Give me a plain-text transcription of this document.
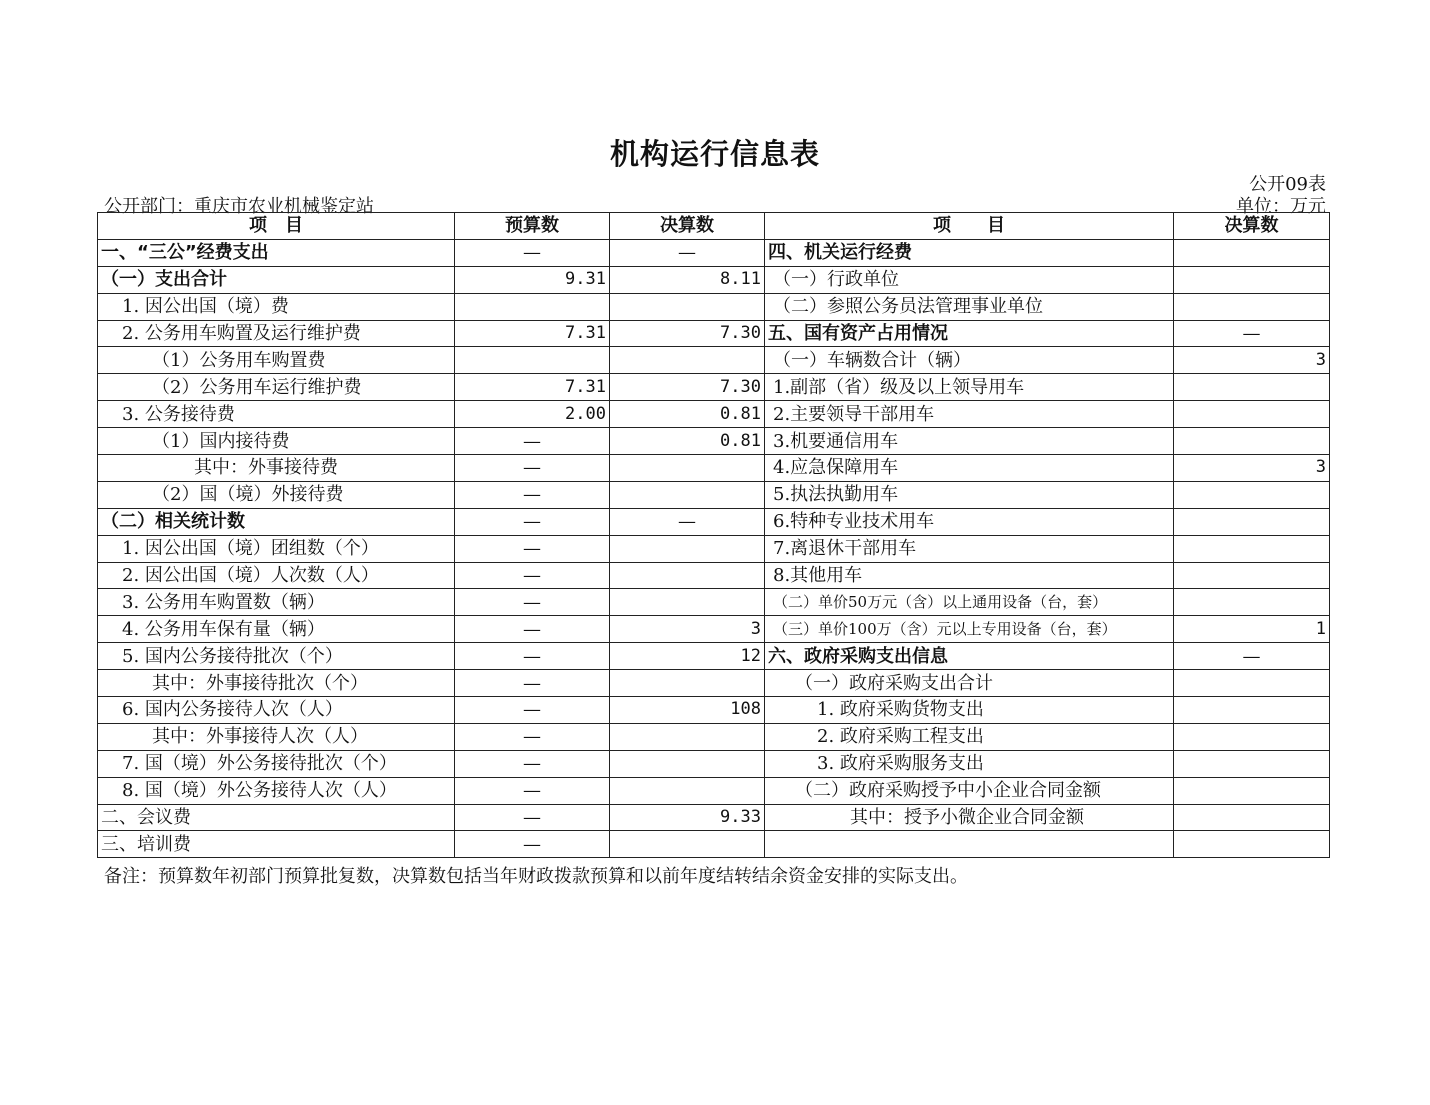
机构运行信息表
公开09表
公开部门：重庆市农业机械鉴定站	单位：万元
项　目	预算数	决算数	项　　目	决算数
一、“三公”经费支出	—	—	四、机关运行经费	
（一）支出合计	9.31	8.11	（一）行政单位	
1. 因公出国（境）费			（二）参照公务员法管理事业单位	
2. 公务用车购置及运行维护费	7.31	7.30	五、国有资产占用情况	—
（1）公务用车购置费			（一）车辆数合计（辆）	3
（2）公务用车运行维护费	7.31	7.30	1.副部（省）级及以上领导用车	
3. 公务接待费	2.00	0.81	2.主要领导干部用车	
（1）国内接待费	—	0.81	3.机要通信用车	
其中：外事接待费	—		4.应急保障用车	3
（2）国（境）外接待费	—		5.执法执勤用车	
（二）相关统计数	—	—	6.特种专业技术用车	
1. 因公出国（境）团组数（个）	—		7.离退休干部用车	
2. 因公出国（境）人次数（人）	—		8.其他用车	
3. 公务用车购置数（辆）	—		（二）单价50万元（含）以上通用设备（台，套）	
4. 公务用车保有量（辆）	—	3	（三）单价100万（含）元以上专用设备（台，套）	1
5. 国内公务接待批次（个）	—	12	六、政府采购支出信息	—
其中：外事接待批次（个）	—		（一）政府采购支出合计	
6. 国内公务接待人次（人）	—	108	1. 政府采购货物支出	
其中：外事接待人次（人）	—		2. 政府采购工程支出	
7. 国（境）外公务接待批次（个）	—		3. 政府采购服务支出	
8. 国（境）外公务接待人次（人）	—		（二）政府采购授予中小企业合同金额	
二、会议费	—	9.33	其中：授予小微企业合同金额	
三、培训费	—			
备注：预算数年初部门预算批复数，决算数包括当年财政拨款预算和以前年度结转结余资金安排的实际支出。
